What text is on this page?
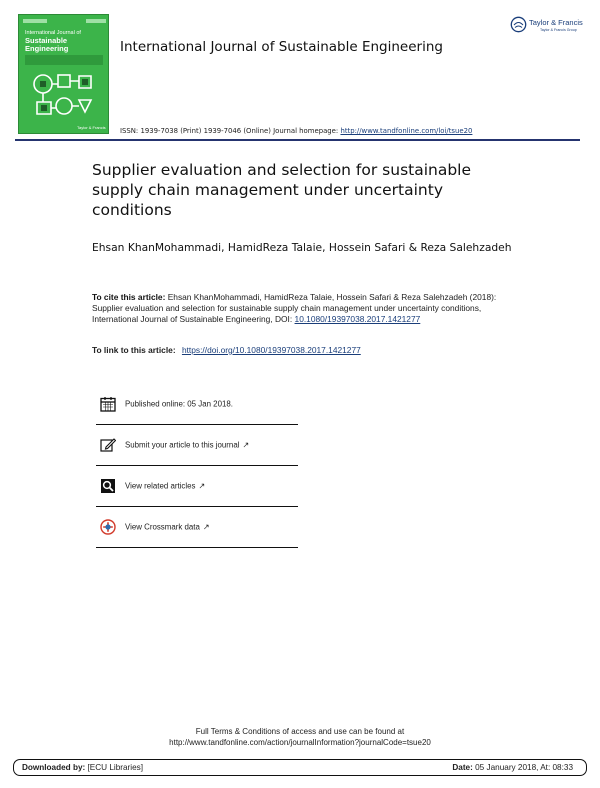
International Journal of
Sustainable Engineering
Taylor & Francis
International Journal of Sustainable Engineering
Taylor & Francis
Taylor & Francis Group
ISSN: 1939-7038 (Print) 1939-7046 (Online) Journal homepage: http://www.tandfonline.com/loi/tsue20
Supplier evaluation and selection for sustainable supply chain management under uncertainty conditions
Ehsan KhanMohammadi, HamidReza Talaie, Hossein Safari & Reza Salehzadeh
To cite this article: Ehsan KhanMohammadi, HamidReza Talaie, Hossein Safari & Reza Salehzadeh (2018): Supplier evaluation and selection for sustainable supply chain management under uncertainty conditions, International Journal of Sustainable Engineering, DOI: 10.1080/19397038.2017.1421277
To link to this article: https://doi.org/10.1080/19397038.2017.1421277
Published online: 05 Jan 2018.
Submit your article to this journal ↗
View related articles ↗
View Crossmark data ↗
Full Terms & Conditions of access and use can be found at
http://www.tandfonline.com/action/journalInformation?journalCode=tsue20
Downloaded by: [ECU Libraries]	Date: 05 January 2018, At: 08:33
